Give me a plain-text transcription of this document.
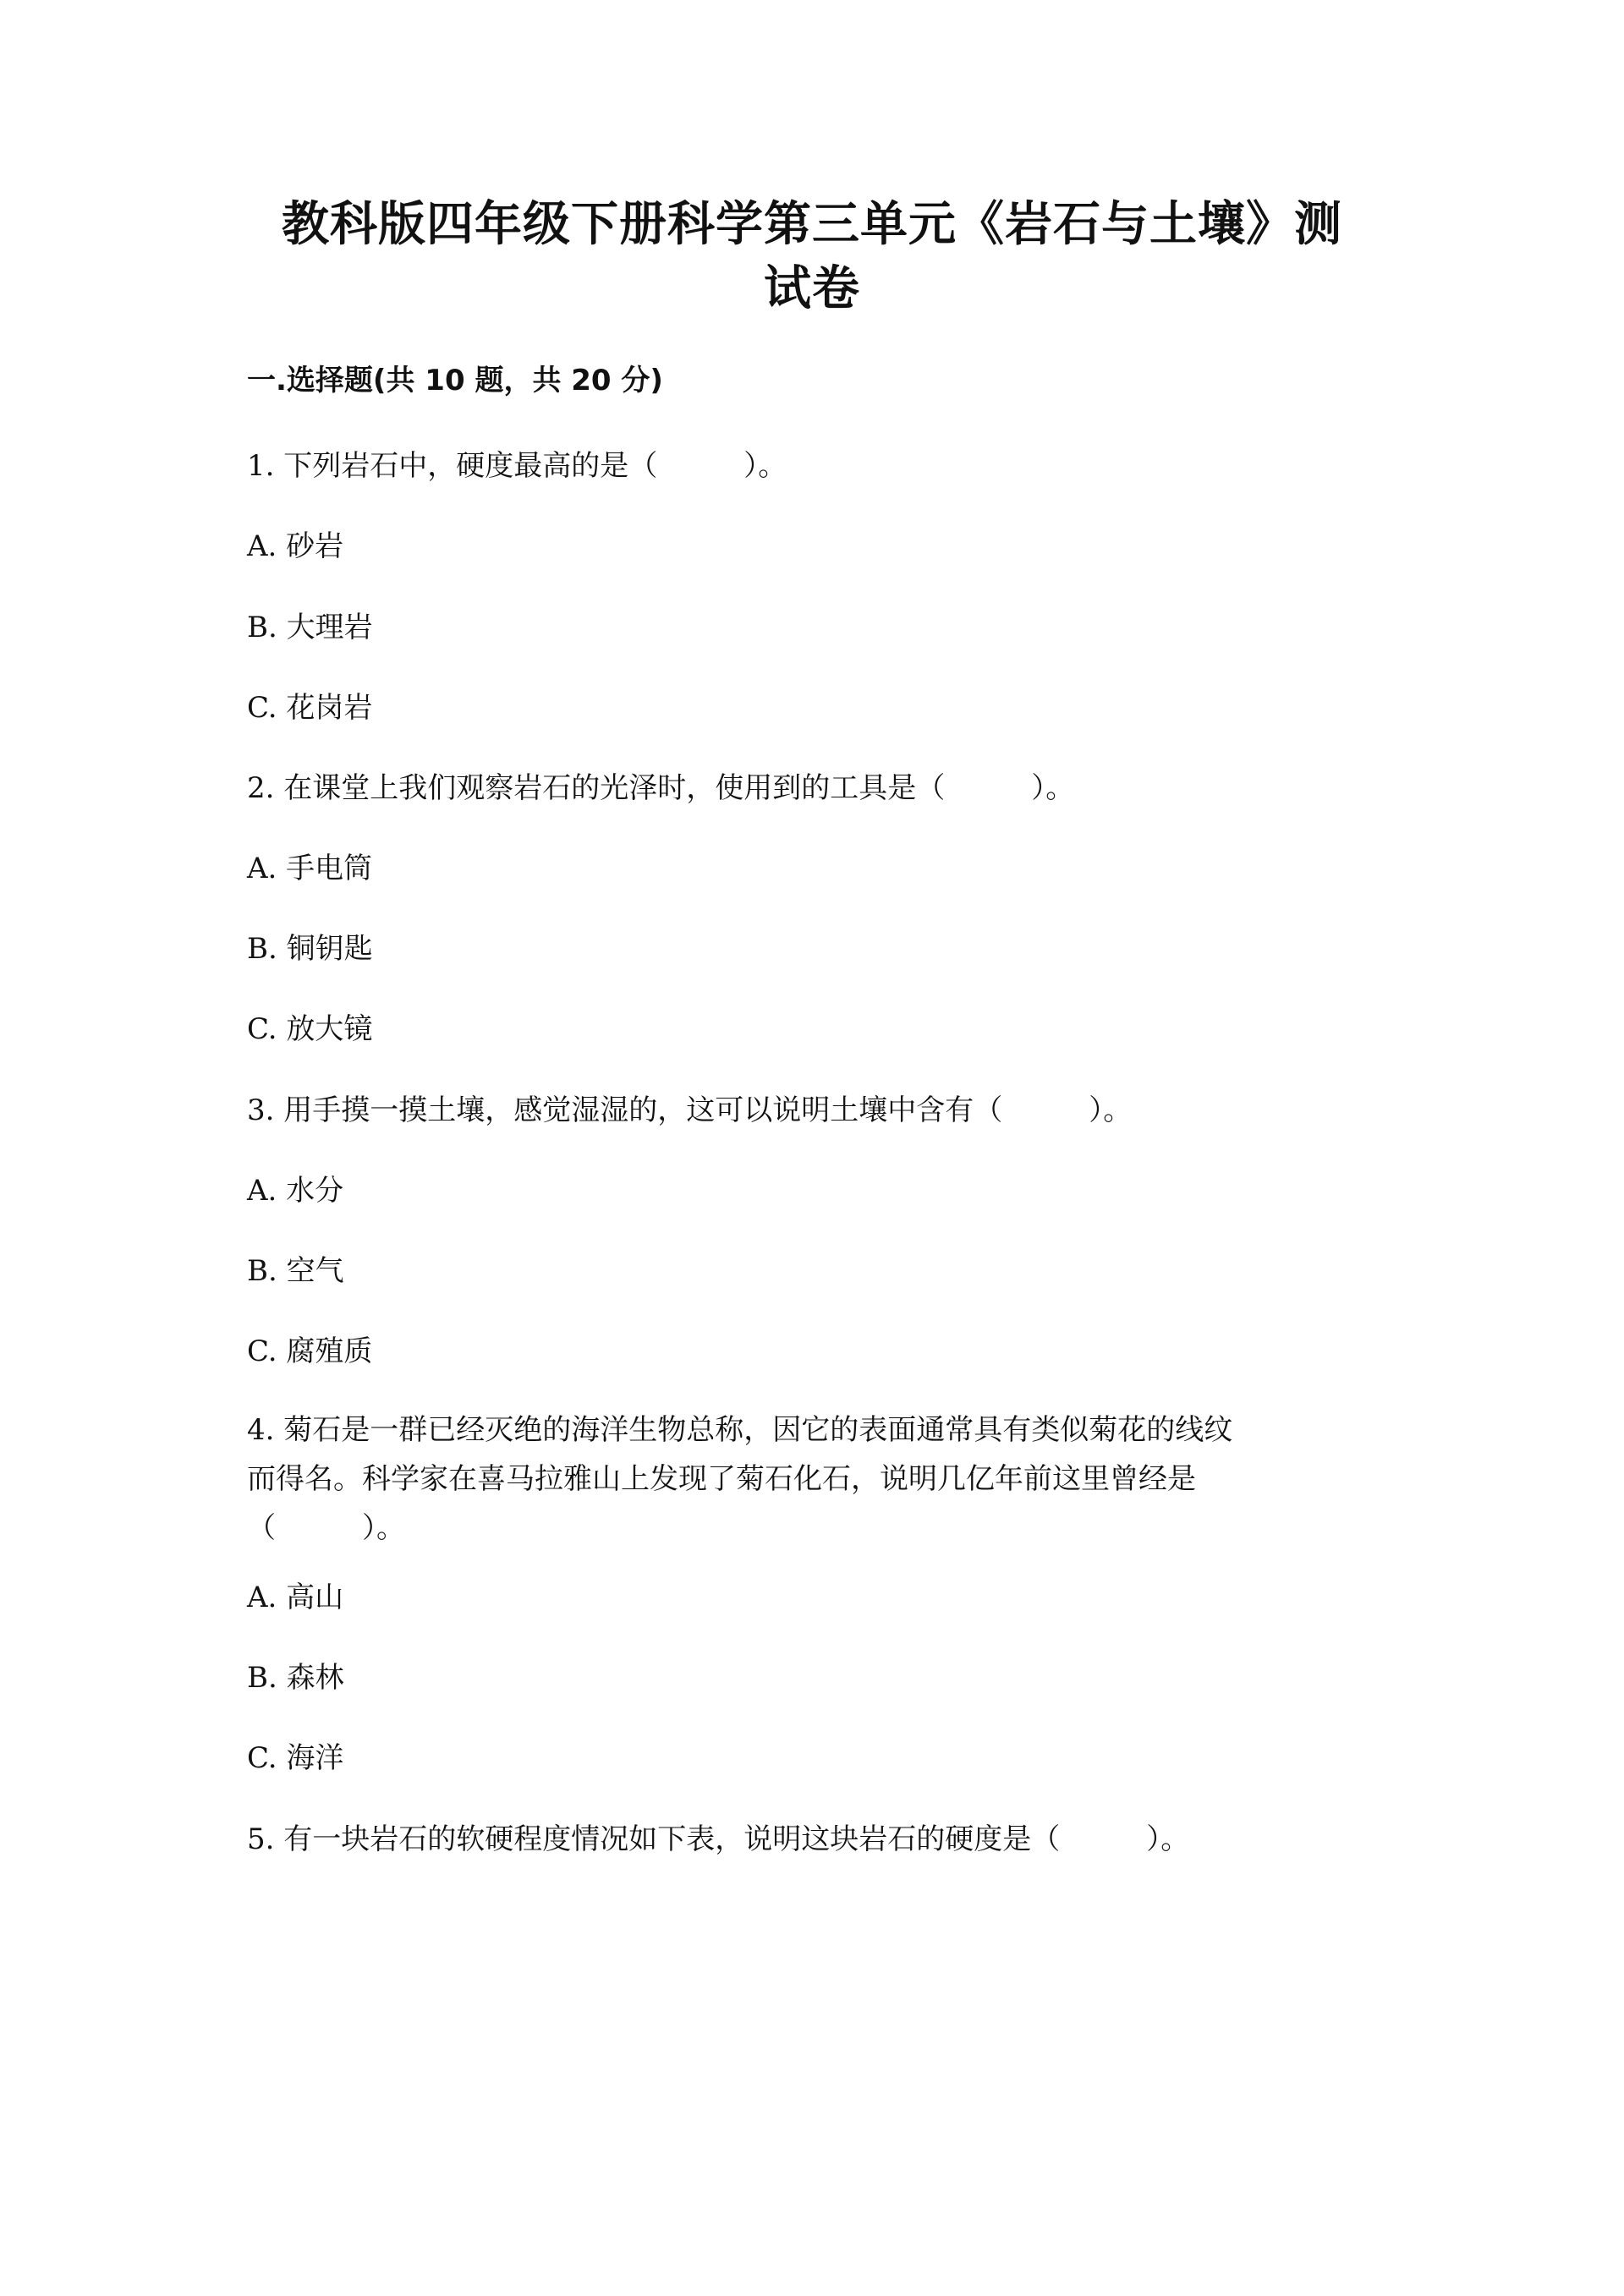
教科版四年级下册科学第三单元《岩石与土壤》测
试卷
一.选择题(共 10 题，共 20 分)
1. 下列岩石中，硬度最高的是（　　　）。
A. 砂岩
B. 大理岩
C. 花岗岩
2. 在课堂上我们观察岩石的光泽时，使用到的工具是（　　　）。
A. 手电筒
B. 铜钥匙
C. 放大镜
3. 用手摸一摸土壤，感觉湿湿的，这可以说明土壤中含有（　　　）。
A. 水分
B. 空气
C. 腐殖质
4. 菊石是一群已经灭绝的海洋生物总称，因它的表面通常具有类似菊花的线纹
而得名。科学家在喜马拉雅山上发现了菊石化石，说明几亿年前这里曾经是
（　　　）。
A. 高山
B. 森林
C. 海洋
5. 有一块岩石的软硬程度情况如下表，说明这块岩石的硬度是（　　　）。
